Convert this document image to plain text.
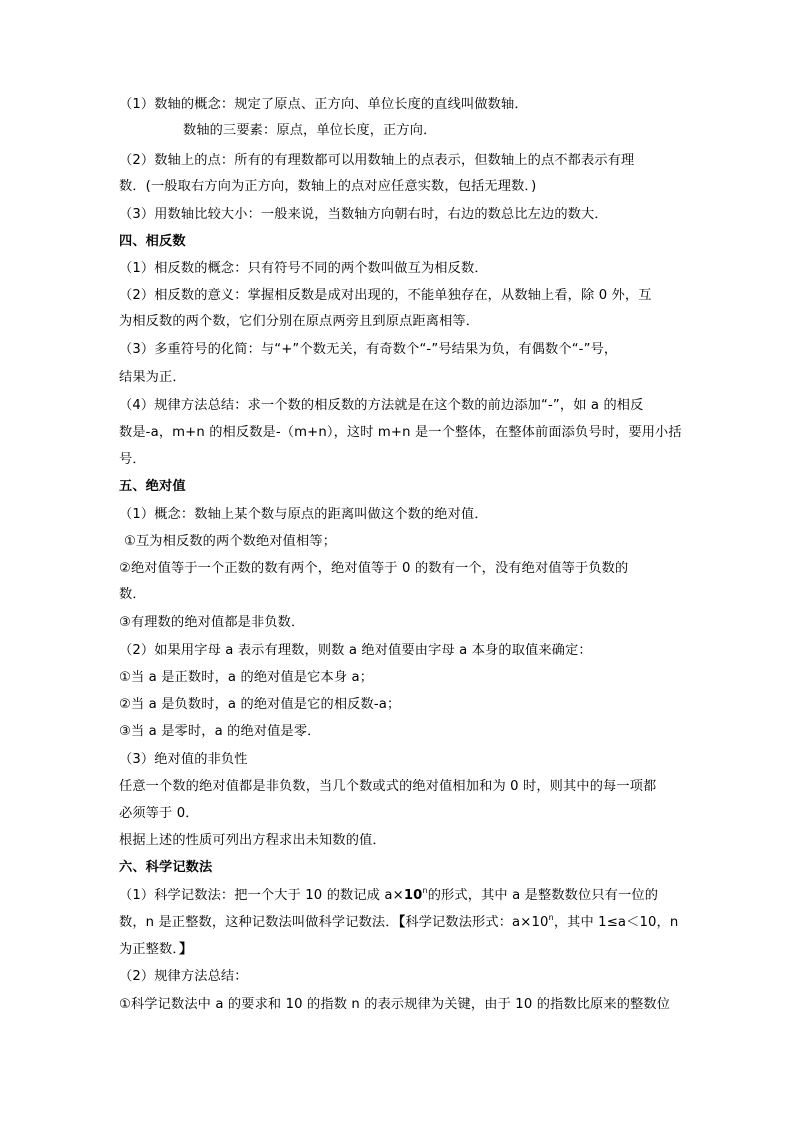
（1）数轴的概念：规定了原点、正方向、单位长度的直线叫做数轴．
数轴的三要素：原点，单位长度，正方向．
（2）数轴上的点：所有的有理数都可以用数轴上的点表示，但数轴上的点不都表示有理
数．(一般取右方向为正方向，数轴上的点对应任意实数，包括无理数．)
（3）用数轴比较大小：一般来说，当数轴方向朝右时，右边的数总比左边的数大．
四、相反数
（1）相反数的概念：只有符号不同的两个数叫做互为相反数．
（2）相反数的意义：掌握相反数是成对出现的，不能单独存在，从数轴上看，除 0 外，互
为相反数的两个数，它们分别在原点两旁且到原点距离相等．
（3）多重符号的化简：与“+”个数无关，有奇数个“-”号结果为负，有偶数个“-”号，
结果为正．
（4）规律方法总结：求一个数的相反数的方法就是在这个数的前边添加“-”，如 a 的相反
数是-a，m+n 的相反数是-（m+n），这时 m+n 是一个整体，在整体前面添负号时，要用小括
号．
五、绝对值
（1）概念：数轴上某个数与原点的距离叫做这个数的绝对值．
①互为相反数的两个数绝对值相等；
②绝对值等于一个正数的数有两个，绝对值等于 0 的数有一个，没有绝对值等于负数的
数．
③有理数的绝对值都是非负数．
（2）如果用字母 a 表示有理数，则数 a 绝对值要由字母 a 本身的取值来确定：
①当 a 是正数时，a 的绝对值是它本身 a；
②当 a 是负数时，a 的绝对值是它的相反数-a；
③当 a 是零时，a 的绝对值是零．
（3）绝对值的非负性
任意一个数的绝对值都是非负数，当几个数或式的绝对值相加和为 0 时，则其中的每一项都
必须等于 0．
根据上述的性质可列出方程求出未知数的值．
六、科学记数法
（1）科学记数法：把一个大于 10 的数记成 $a\times 10^n$的形式，其中 a 是整数数位只有一位的
数，n 是正整数，这种记数法叫做科学记数法．【科学记数法形式：$a\times 10^n$，其中 1≤a＜10，n
为正整数．】
（2）规律方法总结：
①科学记数法中 a 的要求和 10 的指数 n 的表示规律为关键，由于 10 的指数比原来的整数位
